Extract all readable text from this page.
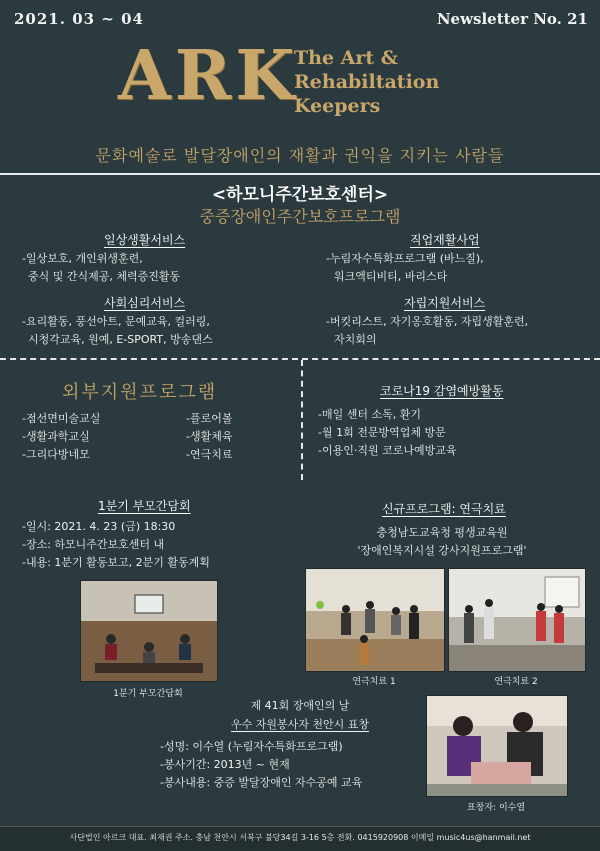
2021. 03 ~ 04	Newsletter No. 21
ARK
The Art &
Rehabiltation
Keepers
문화예술로 발달장애인의 재활과 권익을 지키는 사람들
<하모니주간보호센터>
중증장애인주간보호프로그램
일상생활서비스
-일상보호, 개인위생훈련,
중식 및 간식제공, 체력증진활동
직업재활사업
-누림자수특화프로그램 (바느질),
워크액티비티, 바리스타
사회심리서비스
-요리활동, 풍선아트, 문예교육, 컬러링,
시청각교육, 원예, E-SPORT, 방송댄스
자립지원서비스
-버킷리스트, 자기옹호활동, 자립생활훈련,
자치회의
외부지원프로그램
-점선면미술교실
-생활과학교실
-그리다방네모
-플로어볼
-생활체육
-연극치료
코로나19 감염예방활동
-매일 센터 소독, 환기
-월 1회 전문방역업체 방문
-이용인·직원 코로나예방교육
1분기 부모간담회
-일시: 2021. 4. 23 (금) 18:30
-장소: 하모니주간보호센터 내
-내용: 1분기 활동보고, 2분기 활동계획
1분기 부모간담회
신규프로그램: 연극치료
충청남도교육청 평생교육원
'장애인복지시설 강사지원프로그램'
연극치료 1	연극치료 2
제 41회 장애인의 날
우수 자원봉사자 천안시 표창
-성명: 이수열 (누림자수특화프로그램)
-봉사기간: 2013년 ~ 현재
-봉사내용: 중증 발달장애인 자수공예 교육
표창자: 이수열
사단법인 아르크 대표. 최재권 주소. 충남 천안시 서북구 불당34길 3-16 5층 전화. 0415920908 이메일 music4us@hanmail.net
